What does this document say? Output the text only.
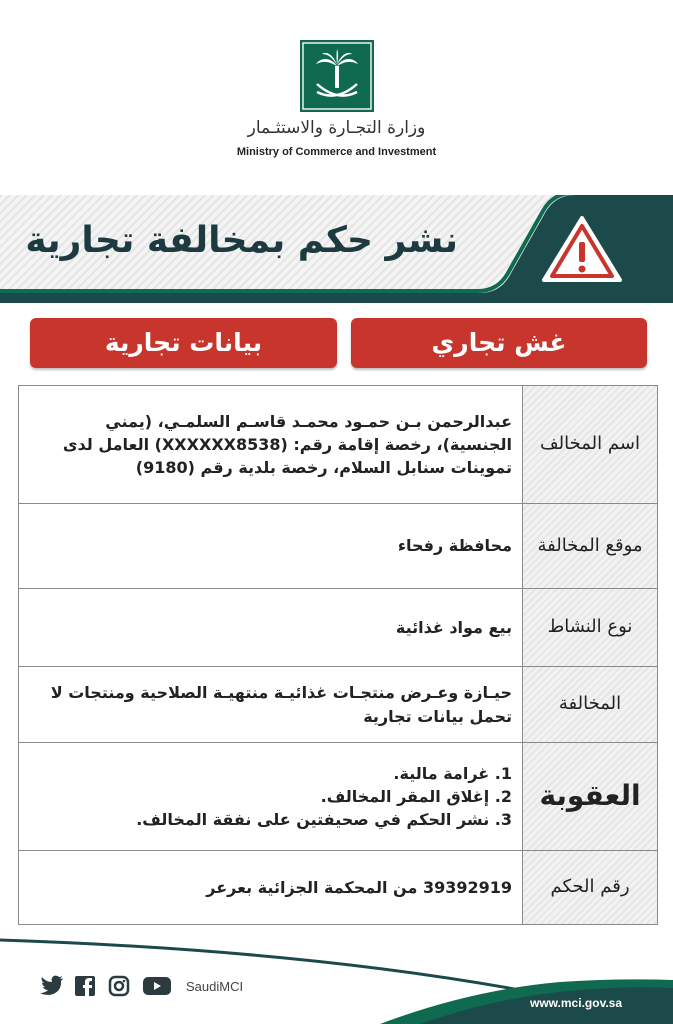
وزارة التجـارة والاستثـمار
Ministry of Commerce and Investment
نشر حكم بمخالفة تجارية
غش تجاري
بيانات تجارية
اسم المخالف
عبدالرحمن بـن حمـود محمـد قاسـم السلمـي، (يمني الجنسية)، رخصة إقامة رقم: (XXXXXX8538) العامل لدى تموينات سنابل السلام، رخصة بلدية رقم (9180)
موقع المخالفة
محافظة رفحاء
نوع النشاط
بيع مواد غذائية
المخالفة
حيـازة وعـرض منتجـات غذائيـة منتهيـة الصلاحية ومنتجات لا تحمل بيانات تجارية
العقوبة
1. غرامة مالية.
2. إغلاق المقر المخالف.
3. نشر الحكم في صحيفتين على نفقة المخالف.
رقم الحكم
39392919 من المحكمة الجزائية بعرعر
SaudiMCI
www.mci.gov.sa
